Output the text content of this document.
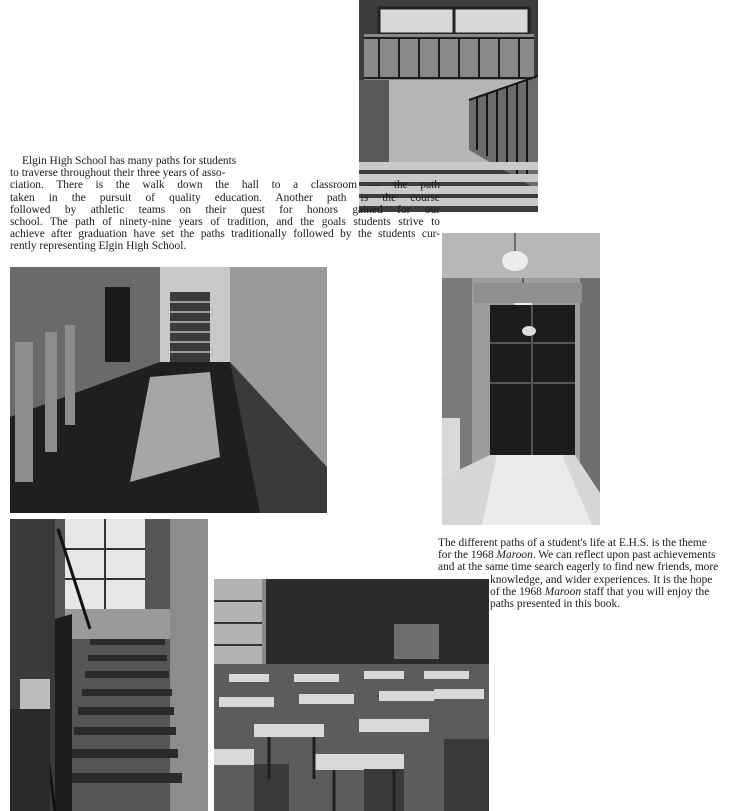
Elgin High School has many paths for students
to traverse throughout their three years of asso-
ciation. There is the walk down the hall to a classroom — the path
taken in the pursuit of quality education. Another path is the course
followed by athletic teams on their quest for honors gained for our
school. The path of ninety-nine years of tradition, and the goals students strive to
achieve after graduation have set the paths traditionally followed by the students cur-
rently representing Elgin High School.
The different paths of a student's life at E.H.S. is the theme
for the 1968 Maroon. We can reflect upon past achievements
and at the same time search eagerly to find new friends, more
knowledge, and wider experiences. It is the hope
of the 1968 Maroon staff that you will enjoy the
paths presented in this book.
